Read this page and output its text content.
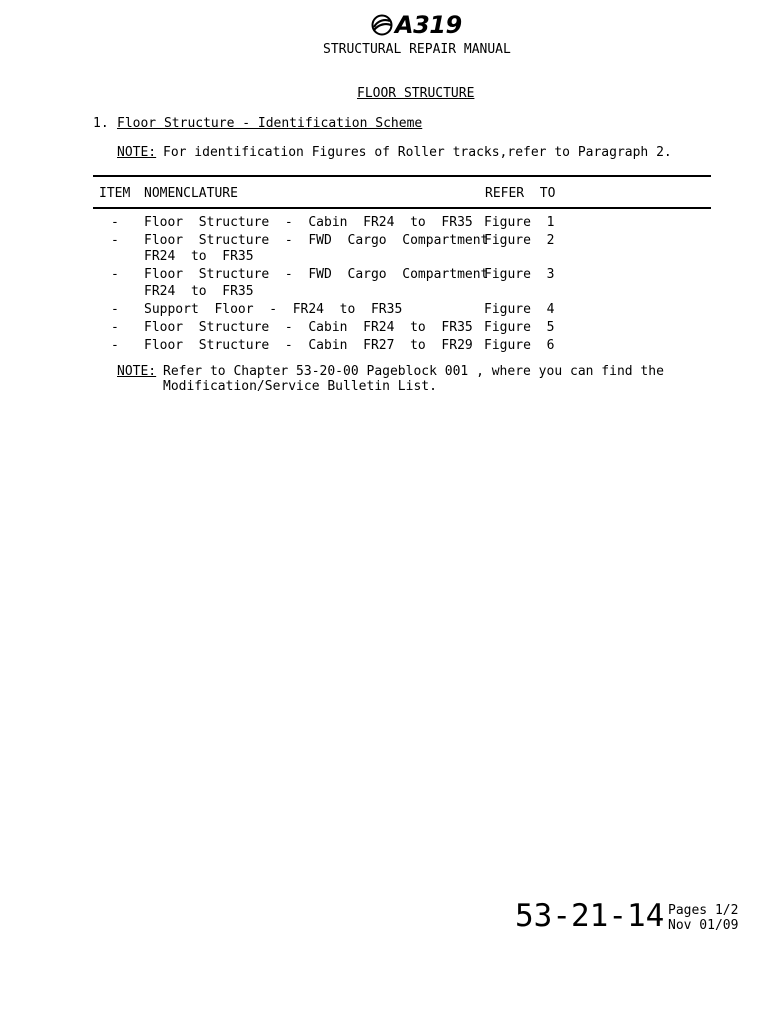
A319
STRUCTURAL REPAIR MANUAL
FLOOR STRUCTURE
1. Floor Structure - Identification Scheme
NOTE: For identification Figures of Roller tracks,refer to Paragraph 2.
ITEM NOMENCLATURE	REFER  TO
- Floor  Structure  -  Cabin  FR24  to  FR35 Figure  1
- Floor  Structure  -  FWD  Cargo  Compartment
FR24  to  FR35
Figure  2
- Floor  Structure  -  FWD  Cargo  Compartment
FR24  to  FR35
Figure  3
- Support  Floor  -  FR24  to  FR35	Figure  4
- Floor  Structure  -  Cabin  FR24  to  FR35 Figure  5
- Floor  Structure  -  Cabin  FR27  to  FR29 Figure  6
NOTE: Refer to Chapter 53-20-00 Pageblock 001 , where you can find the
Modification/Service Bulletin List.
53-21-14 Pages 1/2
Nov 01/09
